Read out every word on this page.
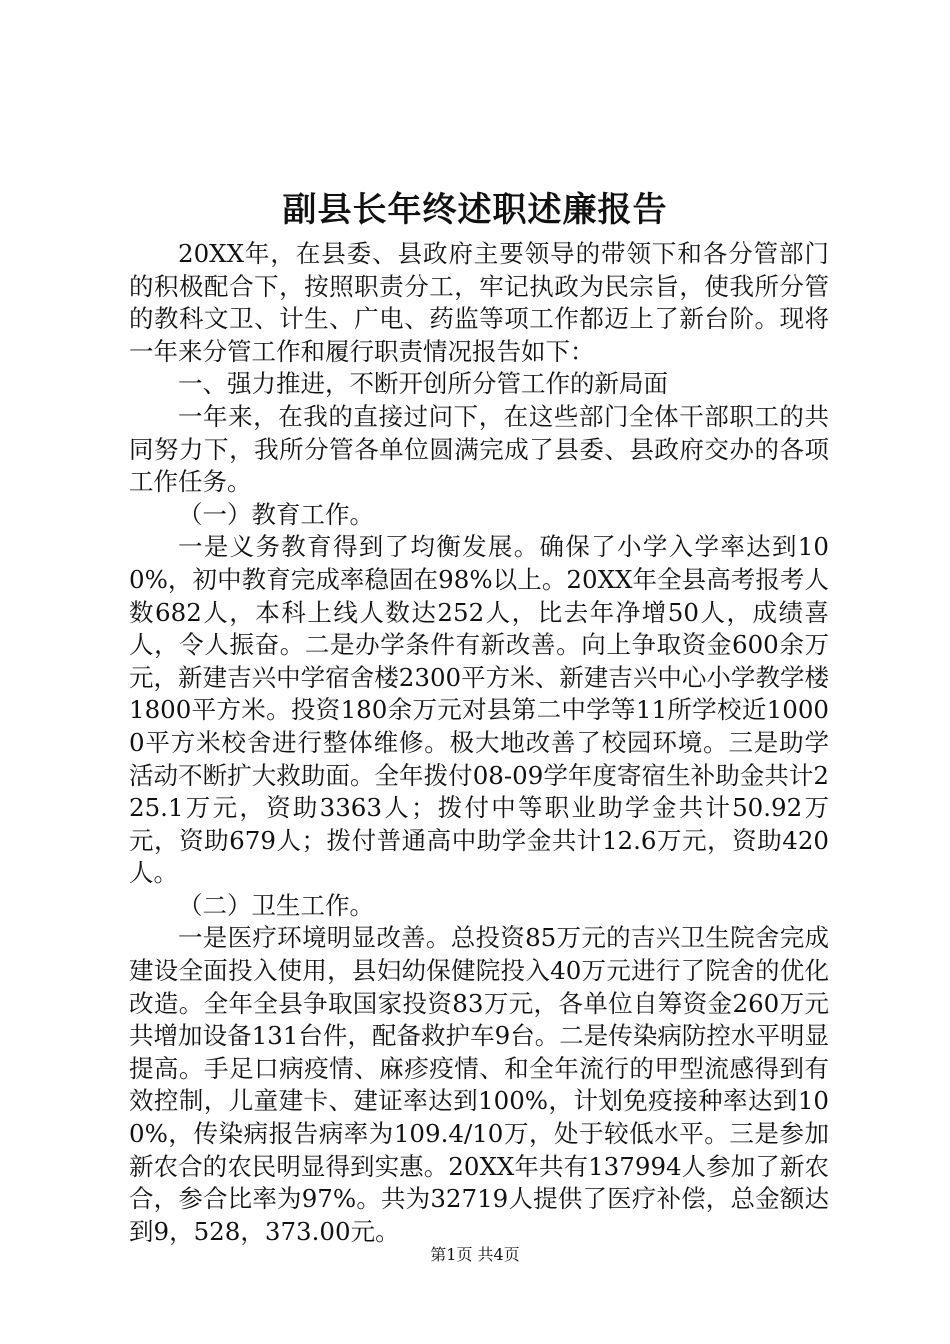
副县长年终述职述廉报告

20XX年，在县委、县政府主要领导的带领下和各分管部门的积极配合下，按照职责分工，牢记执政为民宗旨，使我所分管的教科文卫、计生、广电、药监等项工作都迈上了新台阶。现将一年来分管工作和履行职责情况报告如下：

一、强力推进，不断开创所分管工作的新局面

一年来，在我的直接过问下，在这些部门全体干部职工的共同努力下，我所分管各单位圆满完成了县委、县政府交办的各项工作任务。

（一）教育工作。

一是义务教育得到了均衡发展。确保了小学入学率达到100%，初中教育完成率稳固在98%以上。20XX年全县高考报考人数682人，本科上线人数达252人，比去年净增50人，成绩喜人，令人振奋。二是办学条件有新改善。向上争取资金600余万元，新建吉兴中学宿舍楼2300平方米、新建吉兴中心小学教学楼1800平方米。投资180余万元对县第二中学等11所学校近10000平方米校舍进行整体维修。极大地改善了校园环境。三是助学活动不断扩大救助面。全年拨付08-09学年度寄宿生补助金共计225.1万元，资助3363人；拨付中等职业助学金共计50.92万元，资助679人；拨付普通高中助学金共计12.6万元，资助420人。

（二）卫生工作。

一是医疗环境明显改善。总投资85万元的吉兴卫生院舍完成建设全面投入使用，县妇幼保健院投入40万元进行了院舍的优化改造。全年全县争取国家投资83万元，各单位自筹资金260万元共增加设备131台件，配备救护车9台。二是传染病防控水平明显提高。手足口病疫情、麻疹疫情、和全年流行的甲型流感得到有效控制，儿童建卡、建证率达到100%，计划免疫接种率达到100%，传染病报告病率为109.4/10万，处于较低水平。三是参加新农合的农民明显得到实惠。20XX年共有137994人参加了新农合，参合比率为97%。共为32719人提供了医疗补偿，总金额达到9，528，373.00元。

第1页 共4页
